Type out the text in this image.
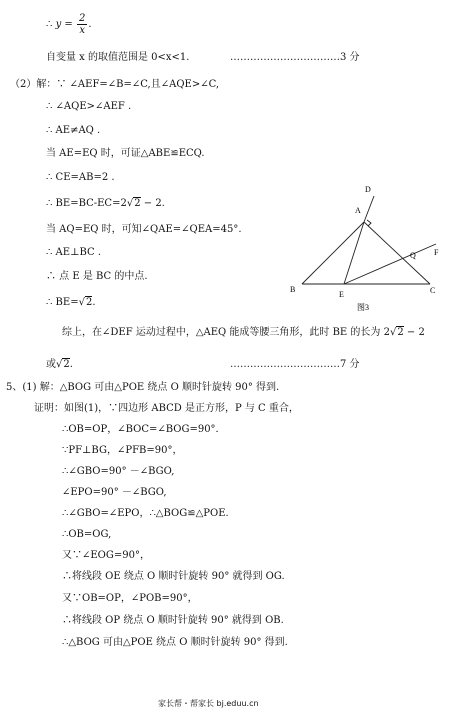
∴ $y = \frac{2}{x}$ .
自变量 x 的取值范围是 0<x<1.	……………………………3 分
（2）解：∵ ∠AEF=∠B=∠C,且∠AQE>∠C,
∴ ∠AQE>∠AEF .
∴ AE≠AQ .
当 AE=EQ 时，可证△ABE≌ECQ.
∴ CE=AB=2 .
∴ BE=BC-EC=2√2 − 2.
当 AQ=EQ 时，可知∠QAE=∠QEA=45°.
∴ AE⊥BC .
∴ 点 E 是 BC 的中点.
∴ BE=√2.
综上，在∠DEF 运动过程中，△AEQ 能成等腰三角形，此时 BE 的长为 2√2 − 2
或√2.	……………………………7 分
D
A
F
Q
B
E	C
图3
5、(1) 解：△BOG 可由△POE 绕点 O 顺时针旋转 90° 得到.
证明：如图(1)，∵四边形 ABCD 是正方形，P 与 C 重合，
∴OB=OP，∠BOC=∠BOG=90°．
∵PF⊥BG，∠PFB=90°，
∴∠GBO=90° －∠BGO,
∠EPO=90° －∠BGO,
∴∠GBO=∠EPO，∴△BOG≌△POE.
∴OB=OG,
又∵∠EOG=90°，
∴将线段 OE 绕点 O 顺时针旋转 90° 就得到 OG.
又∵OB=OP，∠POB=90°，
∴将线段 OP 绕点 O 顺时针旋转 90° 就得到 OB.
∴△BOG 可由△POE 绕点 O 顺时针旋转 90° 得到.
家长帮・帮家长 bj.eduu.cn
